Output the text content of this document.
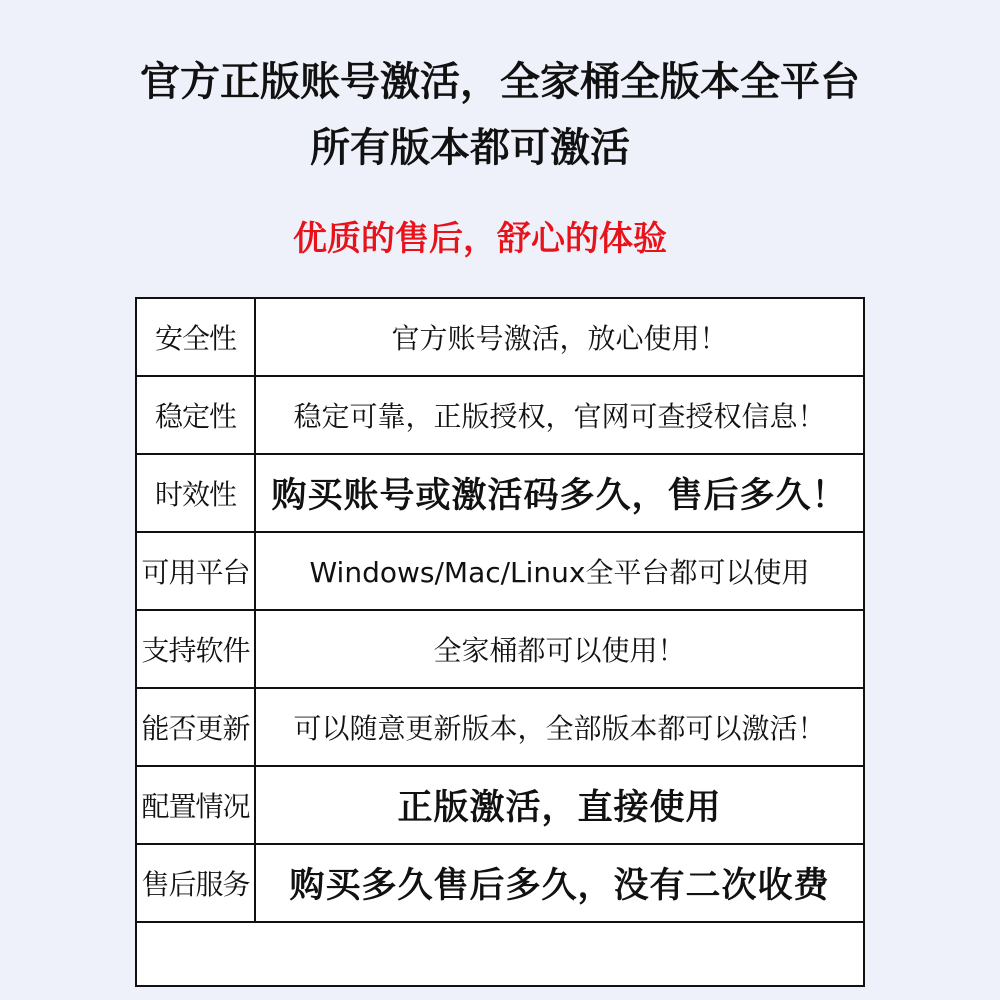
官方正版账号激活，全家桶全版本全平台
所有版本都可激活
优质的售后，舒心的体验
安全性	官方账号激活，放心使用！
稳定性	稳定可靠，正版授权，官网可查授权信息！
时效性	购买账号或激活码多久，售后多久！
可用平台	Windows/Mac/Linux全平台都可以使用
支持软件	全家桶都可以使用！
能否更新	可以随意更新版本，全部版本都可以激活！
配置情况	正版激活，直接使用
售后服务	购买多久售后多久，没有二次收费
